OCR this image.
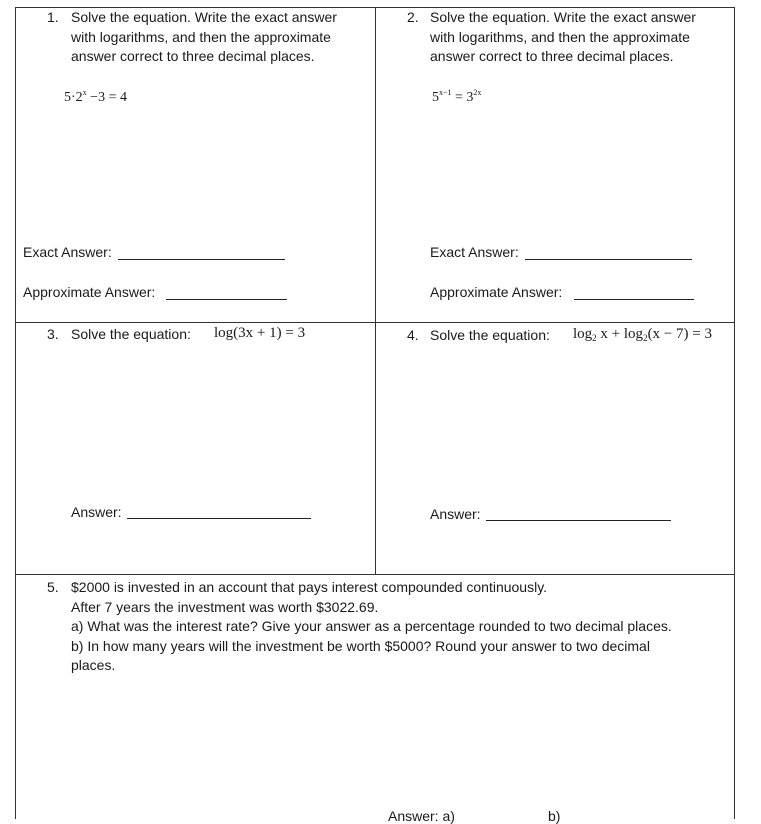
1. Solve the equation. Write the exact answer
with logarithms, and then the approximate
answer correct to three decimal places.
$5\cdot 2^x -3 = 4$
Exact Answer:
Approximate Answer:
2. Solve the equation. Write the exact answer
with logarithms, and then the approximate
answer correct to three decimal places.
$5^{x-1} = 3^{2x}$
Exact Answer:
Approximate Answer:
3. Solve the equation: log(3x + 1) = 3
Answer:
4. Solve the equation: $\log_2 x + \log_2(x - 7) = 3$
Answer:
5. $2000 is invested in an account that pays interest compounded continuously.
After 7 years the investment was worth $3022.69.
a) What was the interest rate? Give your answer as a percentage rounded to two decimal places.
b) In how many years will the investment be worth $5000? Round your answer to two decimal
places.
Answer: a)	b)
